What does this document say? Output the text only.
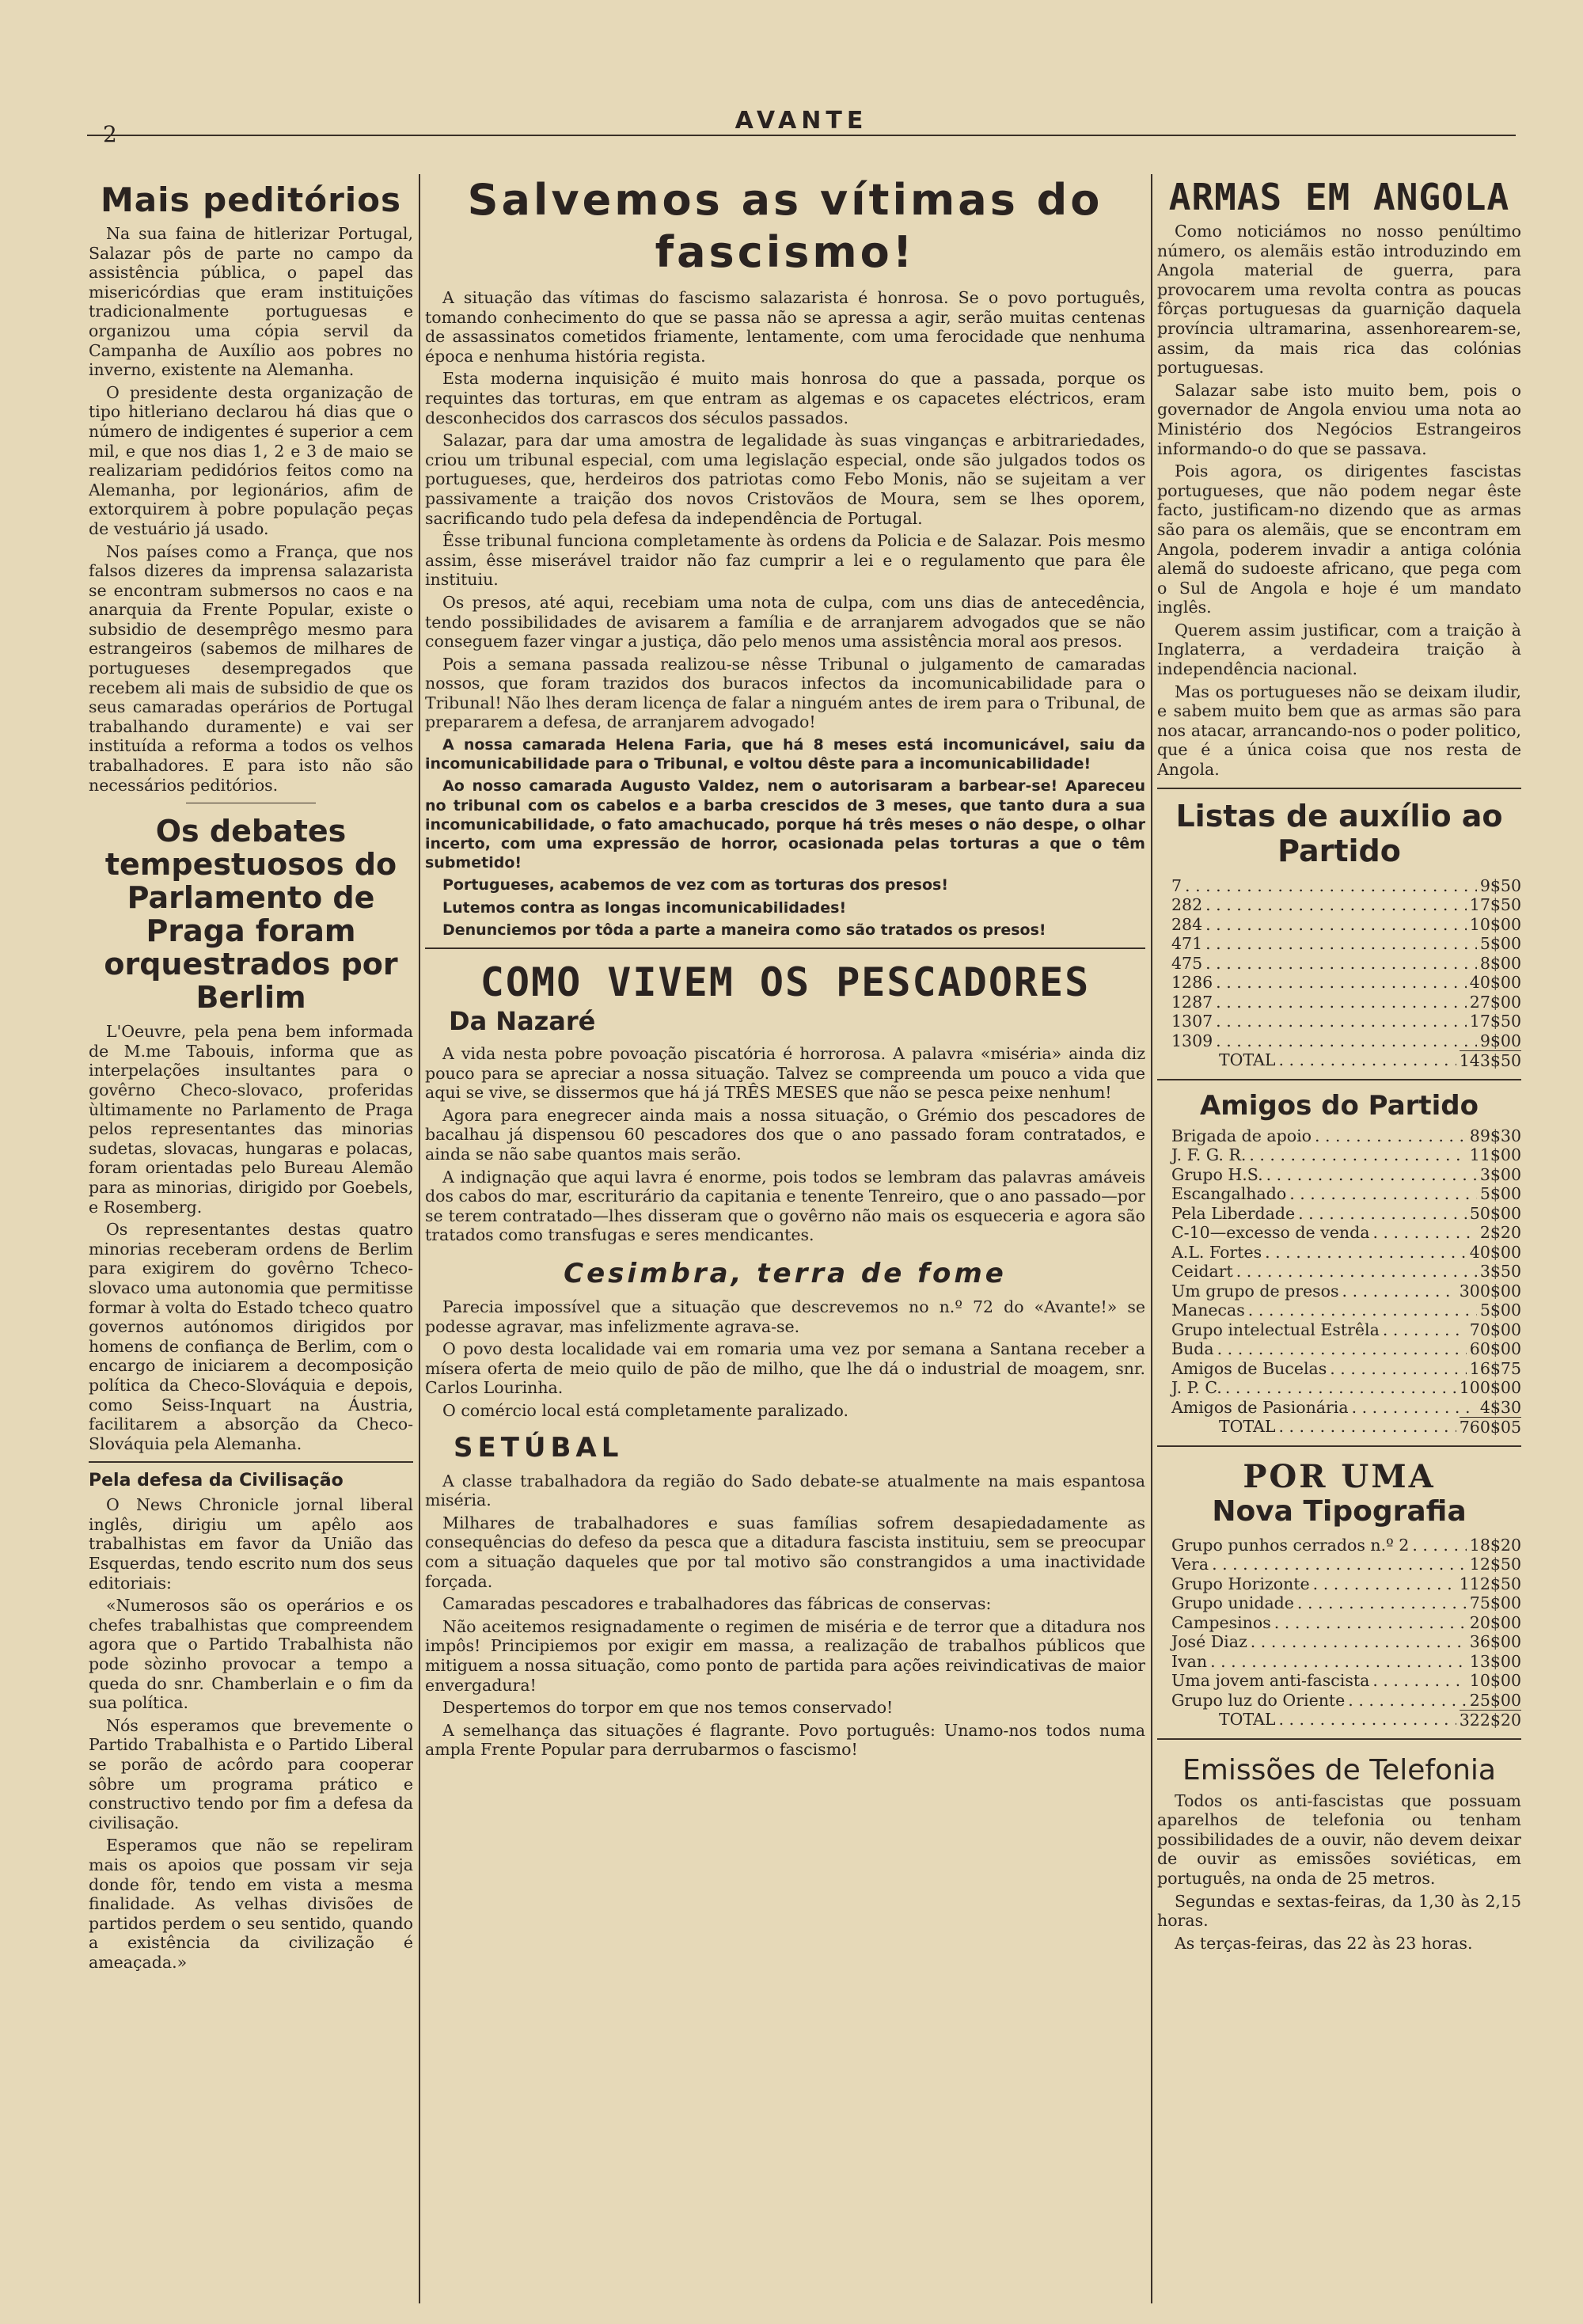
2	AVANTE
Mais peditórios

Na sua faina de hitlerizar Portugal, Salazar pôs de parte no campo da assistência pública, o papel das misericórdias que eram instituições tradicionalmente portuguesas e organizou uma cópia servil da Campanha de Auxílio aos pobres no inverno, existente na Alemanha.

O presidente desta organização de tipo hitleriano declarou há dias que o número de indigentes é superior a cem mil, e que nos dias 1, 2 e 3 de maio se realizariam pedidórios feitos como na Alemanha, por legionários, afim de extorquirem à pobre população peças de vestuário já usado.

Nos países como a França, que nos falsos dizeres da imprensa salazarista se encontram submersos no caos e na anarquia da Frente Popular, existe o subsidio de desemprêgo mesmo para estrangeiros (sabemos de milhares de portugueses desempregados que recebem ali mais de subsidio de que os seus camaradas operários de Portugal trabalhando duramente) e vai ser instituída a reforma a todos os velhos trabalhadores. E para isto não são necessários peditórios.

Os debates tempestuosos do Parlamento de Praga foram orquestrados por Berlim

L'Oeuvre, pela pena bem informada de M.me Tabouis, informa que as interpelações insultantes para o govêrno Checo-slovaco, proferidas ùltimamente no Parlamento de Praga pelos representantes das minorias sudetas, slovacas, hungaras e polacas, foram orientadas pelo Bureau Alemão para as minorias, dirigido por Goebels, e Rosemberg.

Os representantes destas quatro minorias receberam ordens de Berlim para exigirem do govêrno Tcheco-slovaco uma autonomia que permitisse formar à volta do Estado tcheco quatro governos autónomos dirigidos por homens de confiança de Berlim, com o encargo de iniciarem a decomposição política da Checo-Slováquia e depois, como Seiss-Inquart na Áustria, facilitarem a absorção da Checo-Slováquia pela Alemanha.

Pela defesa da Civilisação

O News Chronicle jornal liberal inglês, dirigiu um apêlo aos trabalhistas em favor da União das Esquerdas, tendo escrito num dos seus editoriais:

«Numerosos são os operários e os chefes trabalhistas que compreendem agora que o Partido Trabalhista não pode sòzinho provocar a tempo a queda do snr. Chamberlain e o fim da sua política.

Nós esperamos que brevemente o Partido Trabalhista e o Partido Liberal se porão de acôrdo para cooperar sôbre um programa prático e constructivo tendo por fim a defesa da civilisação.

Esperamos que não se repeliram mais os apoios que possam vir seja donde fôr, tendo em vista a mesma finalidade. As velhas divisões de partidos perdem o seu sentido, quando a existência da civilização é ameaçada.»

Salvemos as vítimas do fascismo!

A situação das vítimas do fascismo salazarista é honrosa. Se o povo português, tomando conhecimento do que se passa não se apressa a agir, serão muitas centenas de assassinatos cometidos friamente, lentamente, com uma ferocidade que nenhuma época e nenhuma história regista.

Esta moderna inquisição é muito mais honrosa do que a passada, porque os requintes das torturas, em que entram as algemas e os capacetes eléctricos, eram desconhecidos dos carrascos dos séculos passados.

Salazar, para dar uma amostra de legalidade às suas vinganças e arbitrariedades, criou um tribunal especial, com uma legislação especial, onde são julgados todos os portugueses, que, herdeiros dos patriotas como Febo Monis, não se sujeitam a ver passivamente a traição dos novos Cristovãos de Moura, sem se lhes oporem, sacrificando tudo pela defesa da independência de Portugal.

Êsse tribunal funciona completamente às ordens da Policia e de Salazar. Pois mesmo assim, êsse miserável traidor não faz cumprir a lei e o regulamento que para êle instituiu.

Os presos, até aqui, recebiam uma nota de culpa, com uns dias de antecedência, tendo possibilidades de avisarem a família e de arranjarem advogados que se não conseguem fazer vingar a justiça, dão pelo menos uma assistência moral aos presos.

Pois a semana passada realizou-se nêsse Tribunal o julgamento de camaradas nossos, que foram trazidos dos buracos infectos da incomunicabilidade para o Tribunal! Não lhes deram licença de falar a ninguém antes de irem para o Tribunal, de prepararem a defesa, de arranjarem advogado!

A nossa camarada Helena Faria, que há 8 meses está incomunicável, saiu da incomunicabilidade para o Tribunal, e voltou dêste para a incomunicabilidade!

Ao nosso camarada Augusto Valdez, nem o autorisaram a barbear-se! Apareceu no tribunal com os cabelos e a barba crescidos de 3 meses, que tanto dura a sua incomunicabilidade, o fato amachucado, porque há três meses o não despe, o olhar incerto, com uma expressão de horror, ocasionada pelas torturas a que o têm submetido!

Portugueses, acabemos de vez com as torturas dos presos!

Lutemos contra as longas incomunicabilidades!

Denunciemos por tôda a parte a maneira como são tratados os presos!

COMO VIVEM OS PESCADORES
Da Nazaré

A vida nesta pobre povoação piscatória é horrorosa. A palavra «miséria» ainda diz pouco para se apreciar a nossa situação. Talvez se compreenda um pouco a vida que aqui se vive, se dissermos que há já TRÊS MESES que não se pesca peixe nenhum!

Agora para enegrecer ainda mais a nossa situação, o Grémio dos pescadores de bacalhau já dispensou 60 pescadores dos que o ano passado foram contratados, e ainda se não sabe quantos mais serão.

A indignação que aqui lavra é enorme, pois todos se lembram das palavras amáveis dos cabos do mar, escriturário da capitania e tenente Tenreiro, que o ano passado—por se terem contratado—lhes disseram que o govêrno não mais os esqueceria e agora são tratados como transfugas e seres mendicantes.

Cesimbra, terra de fome

Parecia impossível que a situação que descrevemos no n.º 72 do «Avante!» se podesse agravar, mas infelizmente agrava-se.

O povo desta localidade vai em romaria uma vez por semana a Santana receber a mísera oferta de meio quilo de pão de milho, que lhe dá o industrial de moagem, snr. Carlos Lourinha.

O comércio local está completamente paralizado.

SETÚBAL

A classe trabalhadora da região do Sado debate-se atualmente na mais espantosa miséria.

Milhares de trabalhadores e suas famílias sofrem desapiedadamente as consequências do defeso da pesca que a ditadura fascista instituiu, sem se preocupar com a situação daqueles que por tal motivo são constrangidos a uma inactividade forçada.

Camaradas pescadores e trabalhadores das fábricas de conservas:

Não aceitemos resignadamente o regimen de miséria e de terror que a ditadura nos impôs! Principiemos por exigir em massa, a realização de trabalhos públicos que mitiguem a nossa situação, como ponto de partida para ações reivindicativas de maior envergadura!

Despertemos do torpor em que nos temos conservado!

A semelhança das situações é flagrante. Povo português: Unamo-nos todos numa ampla Frente Popular para derrubarmos o fascismo!

ARMAS EM ANGOLA

Como noticiámos no nosso penúltimo número, os alemãis estão introduzindo em Angola material de guerra, para provocarem uma revolta contra as poucas fôrças portuguesas da guarnição daquela província ultramarina, assenhorearem-se, assim, da mais rica das colónias portuguesas.

Salazar sabe isto muito bem, pois o governador de Angola enviou uma nota ao Ministério dos Negócios Estrangeiros informando-o do que se passava.

Pois agora, os dirigentes fascistas portugueses, que não podem negar êste facto, justificam-no dizendo que as armas são para os alemãis, que se encontram em Angola, poderem invadir a antiga colónia alemã do sudoeste africano, que pega com o Sul de Angola e hoje é um mandato inglês.

Querem assim justificar, com a traição à Inglaterra, a verdadeira traição à independência nacional.

Mas os portugueses não se deixam iludir, e sabem muito bem que as armas são para nos atacar, arrancando-nos o poder politico, que é a única coisa que nos resta de Angola.

Listas de auxílio ao Partido
7 . . .	9$50
282 . . .	17$50
284 . . .	10$00
471 . . .	5$00
475 . . .	8$00
1286 . . .	40$00
1287 . . .	27$00
1307 . . .	17$50
1309 . . .	9$00
TOTAL . . .	143$50
Amigos do Partido
Brigada de apoio . . .	89$30
J. F. G. R. . . .	11$00
Grupo H.S. . . .	3$00
Escangalhado . . .	5$00
Pela Liberdade . . .	50$00
C-10—excesso de venda . . .	2$20
A.L. Fortes . . .	40$00
Ceidart . . .	3$50
Um grupo de presos . . .	300$00
Manecas . . .	5$00
Grupo intelectual Estrêla . . .	70$00
Buda . . .	60$00
Amigos de Bucelas . . .	16$75
J. P. C. . . .	100$00
Amigos de Pasionária . . .	4$30
TOTAL . . .	760$05
POR UMA
Nova Tipografia
Grupo punhos cerrados n.º 2 . . .	18$20
Vera . . .	12$50
Grupo Horizonte . . .	112$50
Grupo unidade . . .	75$00
Campesinos . . .	20$00
José Diaz . . .	36$00
Ivan . . .	13$00
Uma jovem anti-fascista . . .	10$00
Grupo luz do Oriente . . .	25$00
TOTAL . . .	322$20
Emissões de Telefonia

Todos os anti-fascistas que possuam aparelhos de telefonia ou tenham possibilidades de a ouvir, não devem deixar de ouvir as emissões soviéticas, em português, na onda de 25 metros.

Segundas e sextas-feiras, da 1,30 às 2,15 horas.

As terças-feiras, das 22 às 23 horas.
